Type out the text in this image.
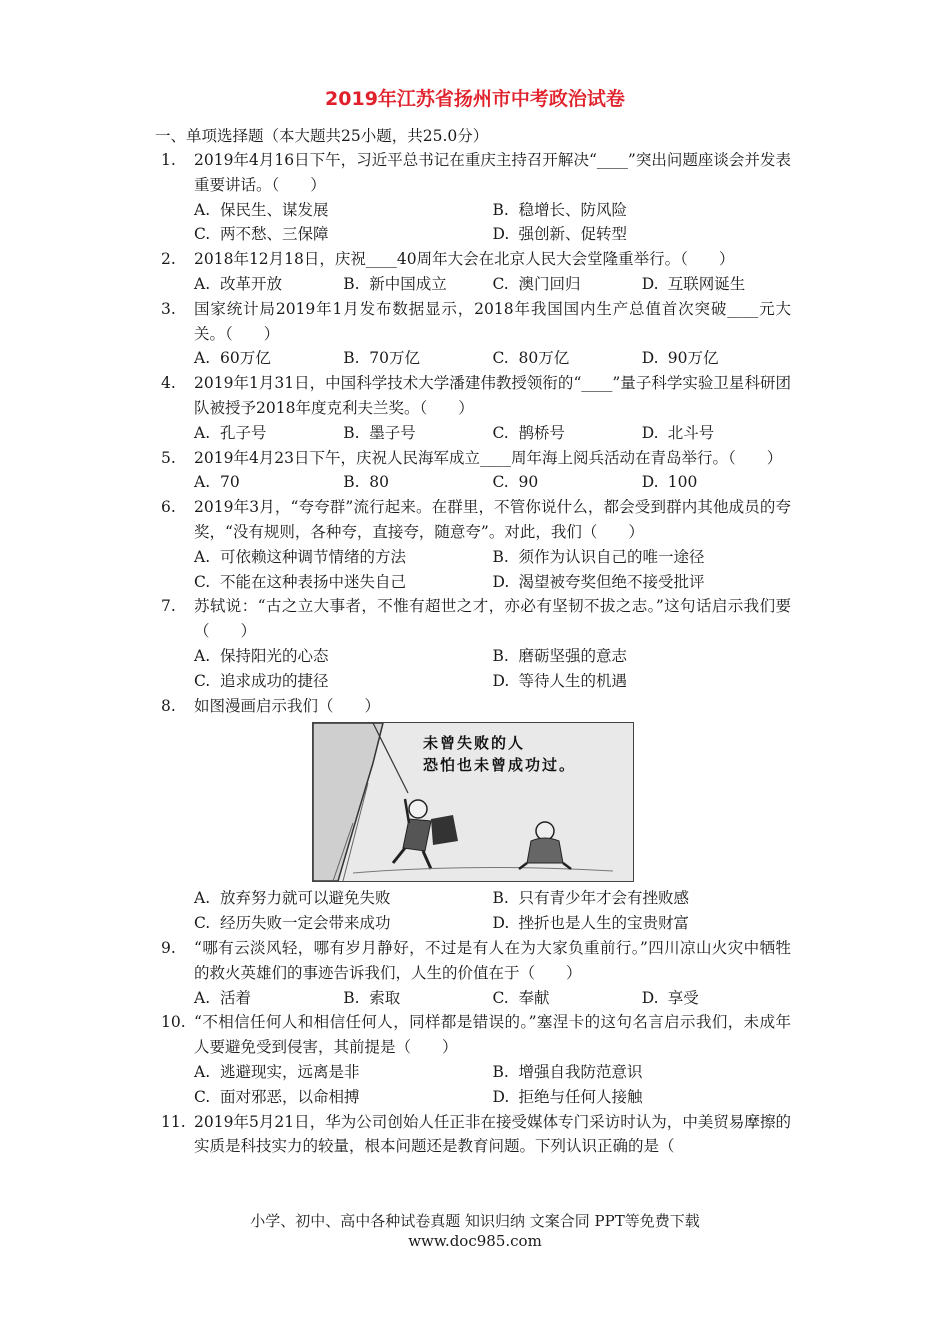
2019年江苏省扬州市中考政治试卷
一、单项选择题（本大题共25小题，共25.0分）
1.	2019年4月16日下午，习近平总书记在重庆主持召开解决“____”突出问题座谈会并发表重要讲话。（　　）

A. 保民生、谋发展	B. 稳增长、防风险
C. 两不愁、三保障	D. 强创新、促转型
2.	2018年12月18日，庆祝____40周年大会在北京人民大会堂隆重举行。（　　）

A. 改革开放	B. 新中国成立	C. 澳门回归	D. 互联网诞生
3.	国家统计局2019年1月发布数据显示，2018年我国国内生产总值首次突破____元大关。（　　）

A. 60万亿	B. 70万亿	C. 80万亿	D. 90万亿
4.	2019年1月31日，中国科学技术大学潘建伟教授领衔的“____”量子科学实验卫星科研团队被授予2018年度克利夫兰奖。（　　）

A. 孔子号	B. 墨子号	C. 鹊桥号	D. 北斗号
5.	2019年4月23日下午，庆祝人民海军成立____周年海上阅兵活动在青岛举行。（　　）

A. 70	B. 80	C. 90	D. 100
6.	2019年3月，“夸夸群”流行起来。在群里，不管你说什么，都会受到群内其他成员的夸奖，“没有规则，各种夸，直接夸，随意夸”。对此，我们（　　）

A. 可依赖这种调节情绪的方法	B. 须作为认识自己的唯一途径
C. 不能在这种表扬中迷失自己	D. 渴望被夸奖但绝不接受批评
7.	苏轼说：“古之立大事者，不惟有超世之才，亦必有坚韧不拔之志。”这句话启示我们要（　　）

A. 保持阳光的心态	B. 磨砺坚强的意志
C. 追求成功的捷径	D. 等待人生的机遇
8.	如图漫画启示我们（　　）

未曾失败的人
恐怕也未曾成功过。
A. 放弃努力就可以避免失败	B. 只有青少年才会有挫败感
C. 经历失败一定会带来成功	D. 挫折也是人生的宝贵财富
9.	“哪有云淡风轻，哪有岁月静好，不过是有人在为大家负重前行。”四川凉山火灾中牺牲的救火英雄们的事迹告诉我们，人生的价值在于（　　）

A. 活着	B. 索取	C. 奉献	D. 享受
10. “不相信任何人和相信任何人，同样都是错误的。”塞涅卡的这句名言启示我们，未成年人要避免受到侵害，其前提是（　　）

A. 逃避现实，远离是非	B. 增强自我防范意识
C. 面对邪恶，以命相搏	D. 拒绝与任何人接触
11. 2019年5月21日，华为公司创始人任正非在接受媒体专门采访时认为，中美贸易摩擦的实质是科技实力的较量，根本问题还是教育问题。下列认识正确的是（

小学、初中、高中各种试卷真题 知识归纳 文案合同 PPT等免费下载
www.doc985.com
